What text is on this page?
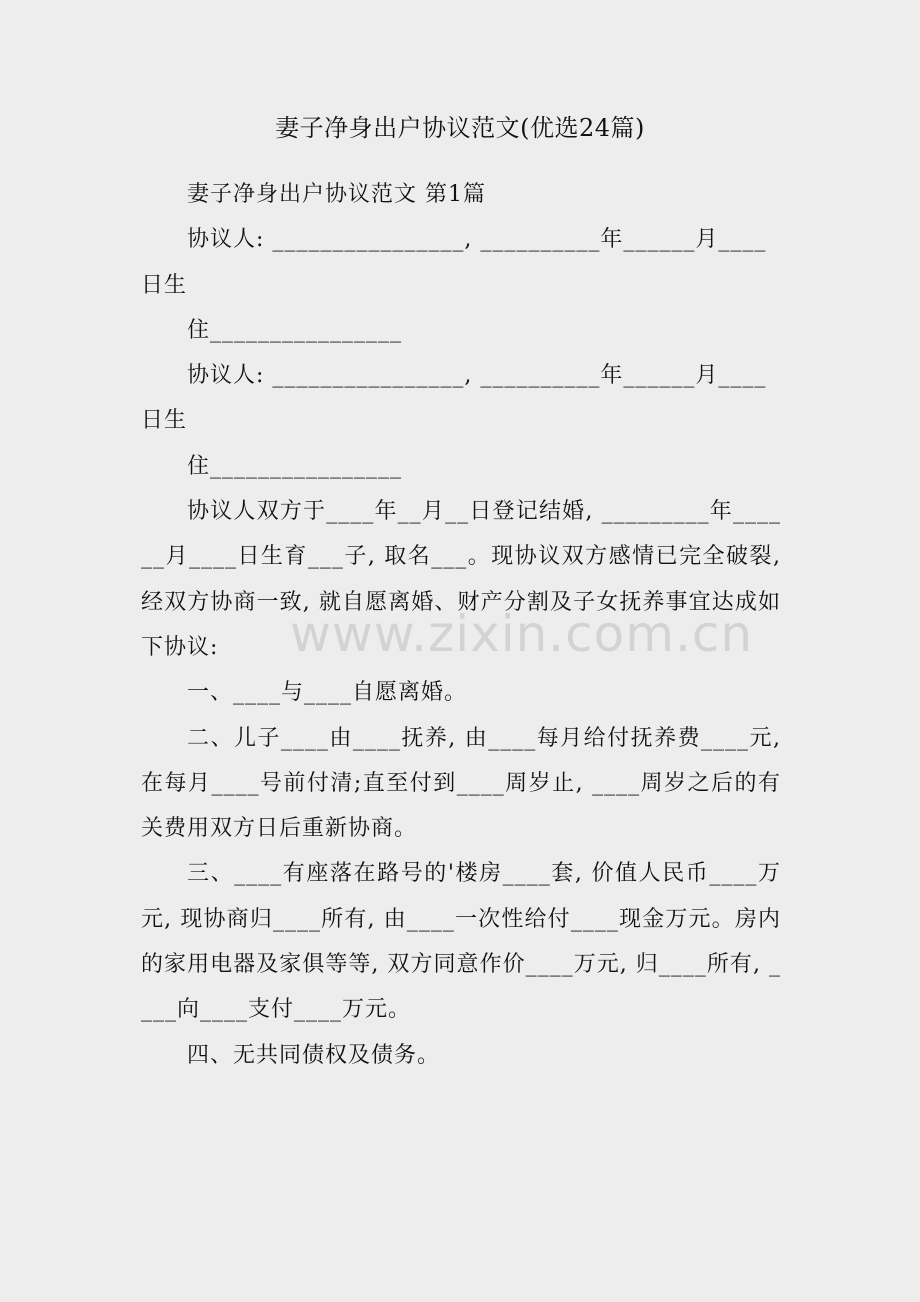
妻子净身出户协议范文(优选24篇)

妻子净身出户协议范文 第1篇

协议人: ________________, __________年______月____

日生

住________________

协议人: ________________, __________年______月____

日生

住________________

协议人双方于____年__月__日登记结婚, _________年______月____日生育___子, 取名___。现协议双方感情已完全破裂, 经双方协商一致, 就自愿离婚、财产分割及子女抚养事宜达成如下协议:

一、____与____自愿离婚。

二、儿子____由____抚养, 由____每月给付抚养费____元, 在每月____号前付清;直至付到____周岁止, ____周岁之后的有关费用双方日后重新协商。

三、____有座落在路号的'楼房____套, 价值人民币____万元, 现协商归____所有, 由____一次性给付____现金万元。房内的家用电器及家俱等等, 双方同意作价____万元, 归____所有, ____向____支付____万元。

四、无共同债权及债务。

www.zixin.com.cn
